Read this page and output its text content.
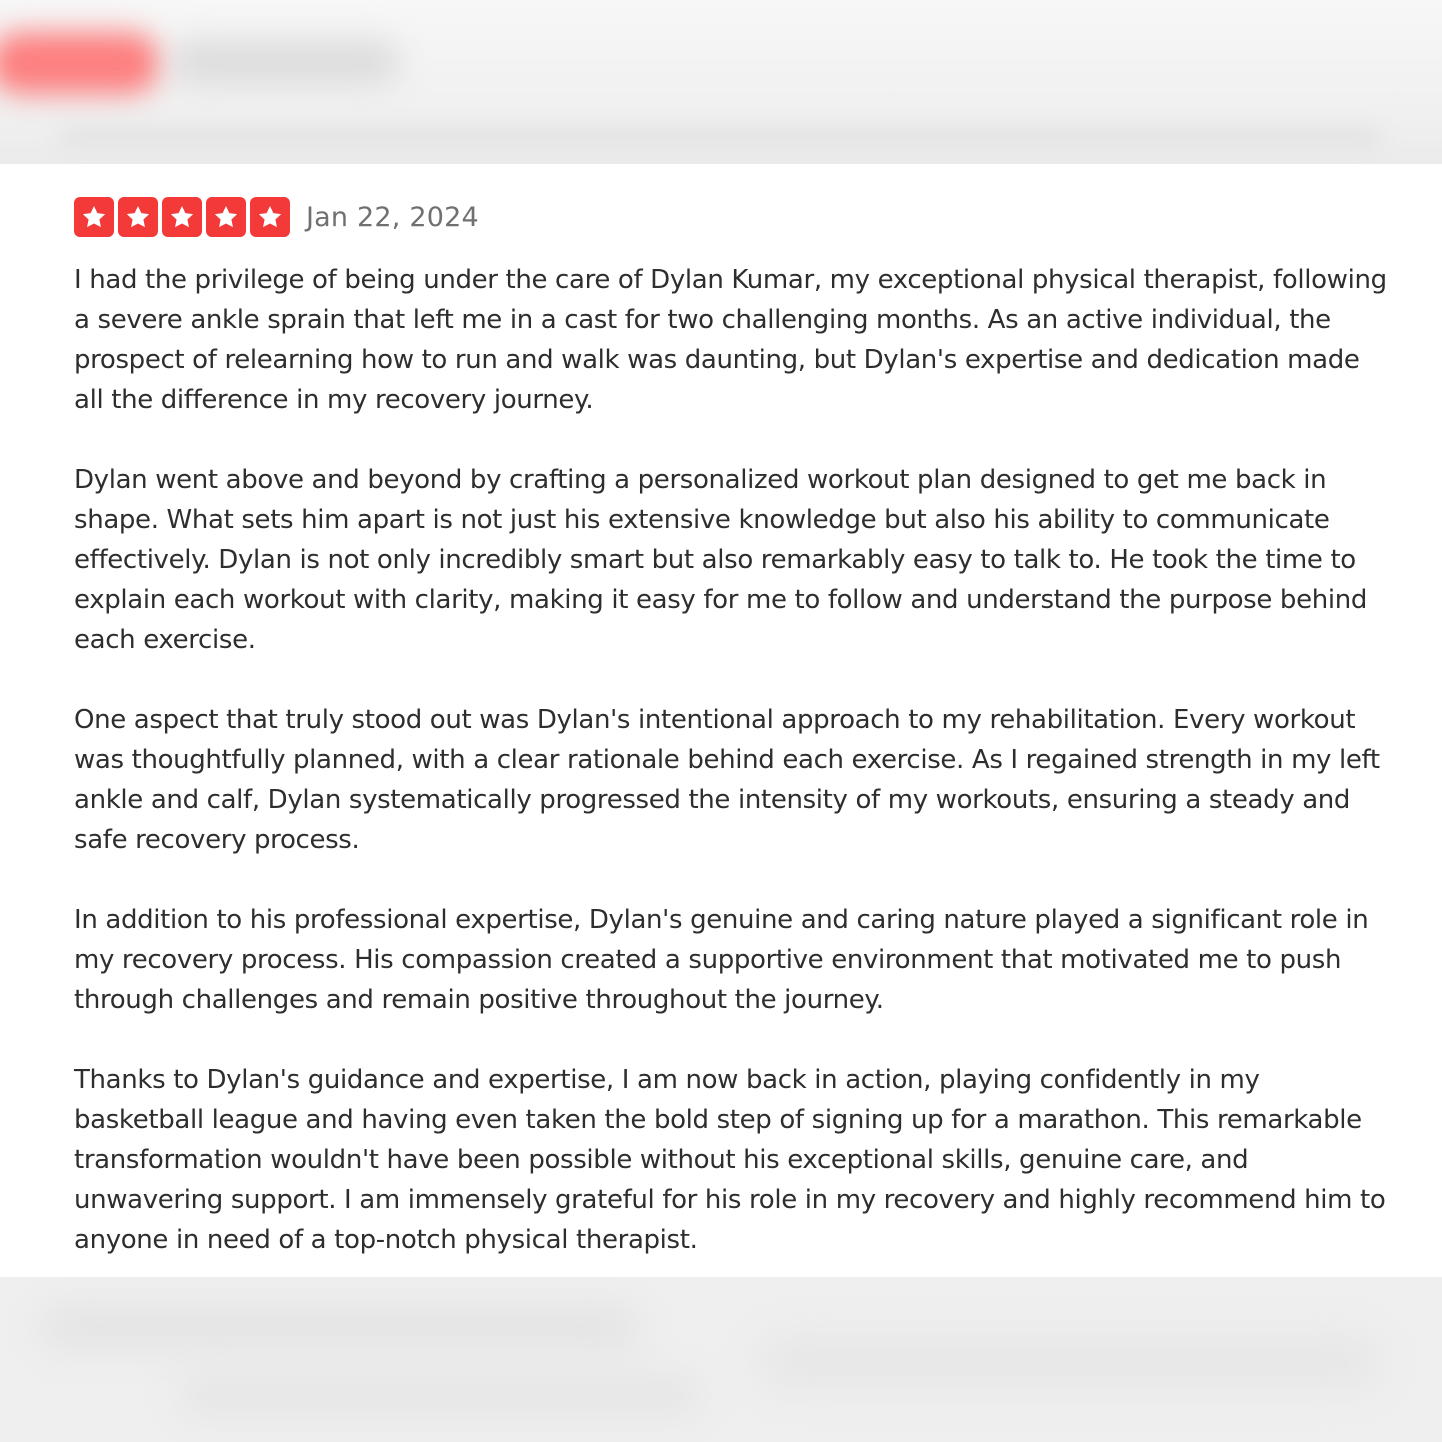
Jan 22, 2024

I had the privilege of being under the care of Dylan Kumar, my exceptional physical therapist, following a severe ankle sprain that left me in a cast for two challenging months. As an active individual, the prospect of relearning how to run and walk was daunting, but Dylan's expertise and dedication made all the difference in my recovery journey.

Dylan went above and beyond by crafting a personalized workout plan designed to get me back in shape. What sets him apart is not just his extensive knowledge but also his ability to communicate effectively. Dylan is not only incredibly smart but also remarkably easy to talk to. He took the time to explain each workout with clarity, making it easy for me to follow and understand the purpose behind each exercise.

One aspect that truly stood out was Dylan's intentional approach to my rehabilitation. Every workout was thoughtfully planned, with a clear rationale behind each exercise. As I regained strength in my left ankle and calf, Dylan systematically progressed the intensity of my workouts, ensuring a steady and safe recovery process.

In addition to his professional expertise, Dylan's genuine and caring nature played a significant role in my recovery process. His compassion created a supportive environment that motivated me to push through challenges and remain positive throughout the journey.

Thanks to Dylan's guidance and expertise, I am now back in action, playing confidently in my basketball league and having even taken the bold step of signing up for a marathon. This remarkable transformation wouldn't have been possible without his exceptional skills, genuine care, and unwavering support. I am immensely grateful for his role in my recovery and highly recommend him to anyone in need of a top-notch physical therapist.
